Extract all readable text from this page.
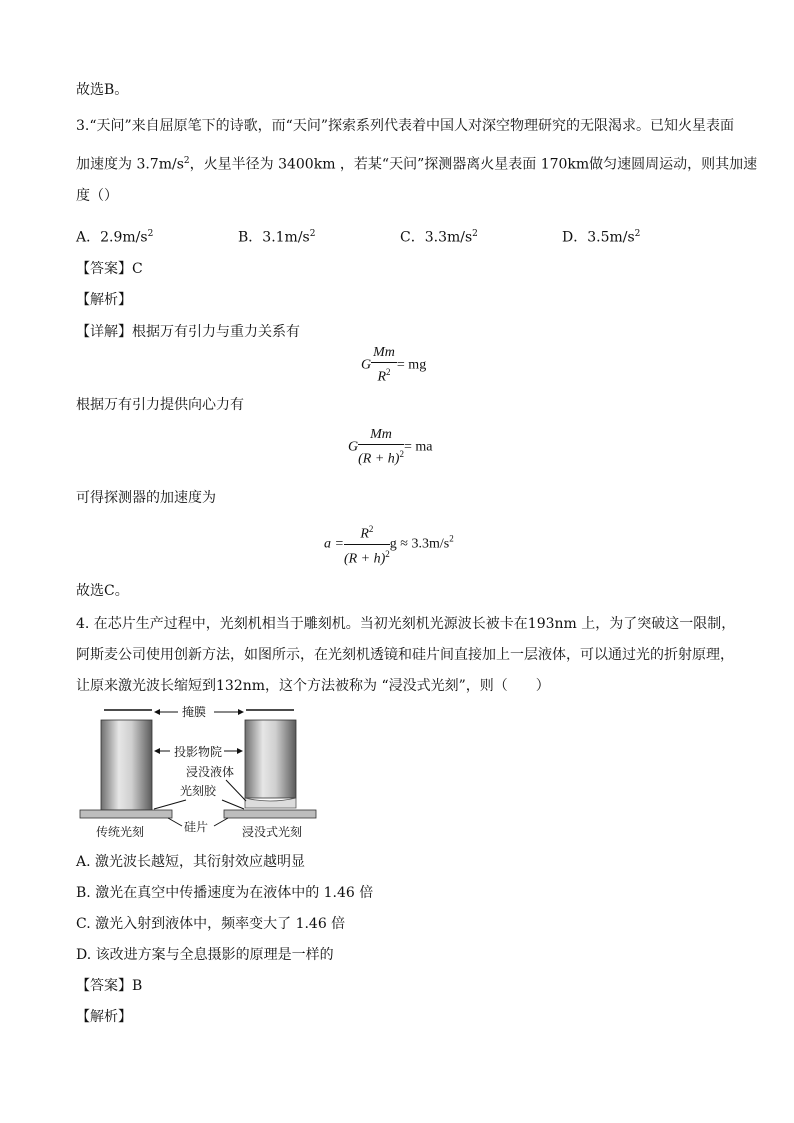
故选B。
3.“天问”来自屈原笔下的诗歌，而“天问”探索系列代表着中国人对深空物理研究的无限渴求。已知火星表面
加速度为 $3.7m/s^2$，火星半径为 3400km ，若某“天问”探测器离火星表面 170km做匀速圆周运动，则其加速
度（）
A．$2.9m/s^2$	B．$3.1m/s^2$	C．$3.3m/s^2$	D．$3.5m/s^2$
【答案】C
【解析】
【详解】根据万有引力与重力关系有
G $\frac{Mm}{R^2}$ = mg
根据万有引力提供向心力有
G $\frac{Mm}{(R + h)^2}$ = ma
可得探测器的加速度为
$a = \frac{R^2}{(R + h)^2}$ $g \approx 3.3m/s^2$
故选C。
4. 在芯片生产过程中，光刻机相当于雕刻机。当初光刻机光源波长被卡在193nm 上，为了突破这一限制，
阿斯麦公司使用创新方法，如图所示，在光刻机透镜和硅片间直接加上一层液体，可以通过光的折射原理，
让原来激光波长缩短到132nm，这个方法被称为 “浸没式光刻”，则（　　）
掩膜
投影物院
浸没液体
光刻胶
硅片
传统光刻	浸没式光刻
A. 激光波长越短，其衍射效应越明显
B. 激光在真空中传播速度为在液体中的 1.46 倍
C. 激光入射到液体中，频率变大了 1.46 倍
D. 该改进方案与全息摄影的原理是一样的
【答案】B
【解析】
